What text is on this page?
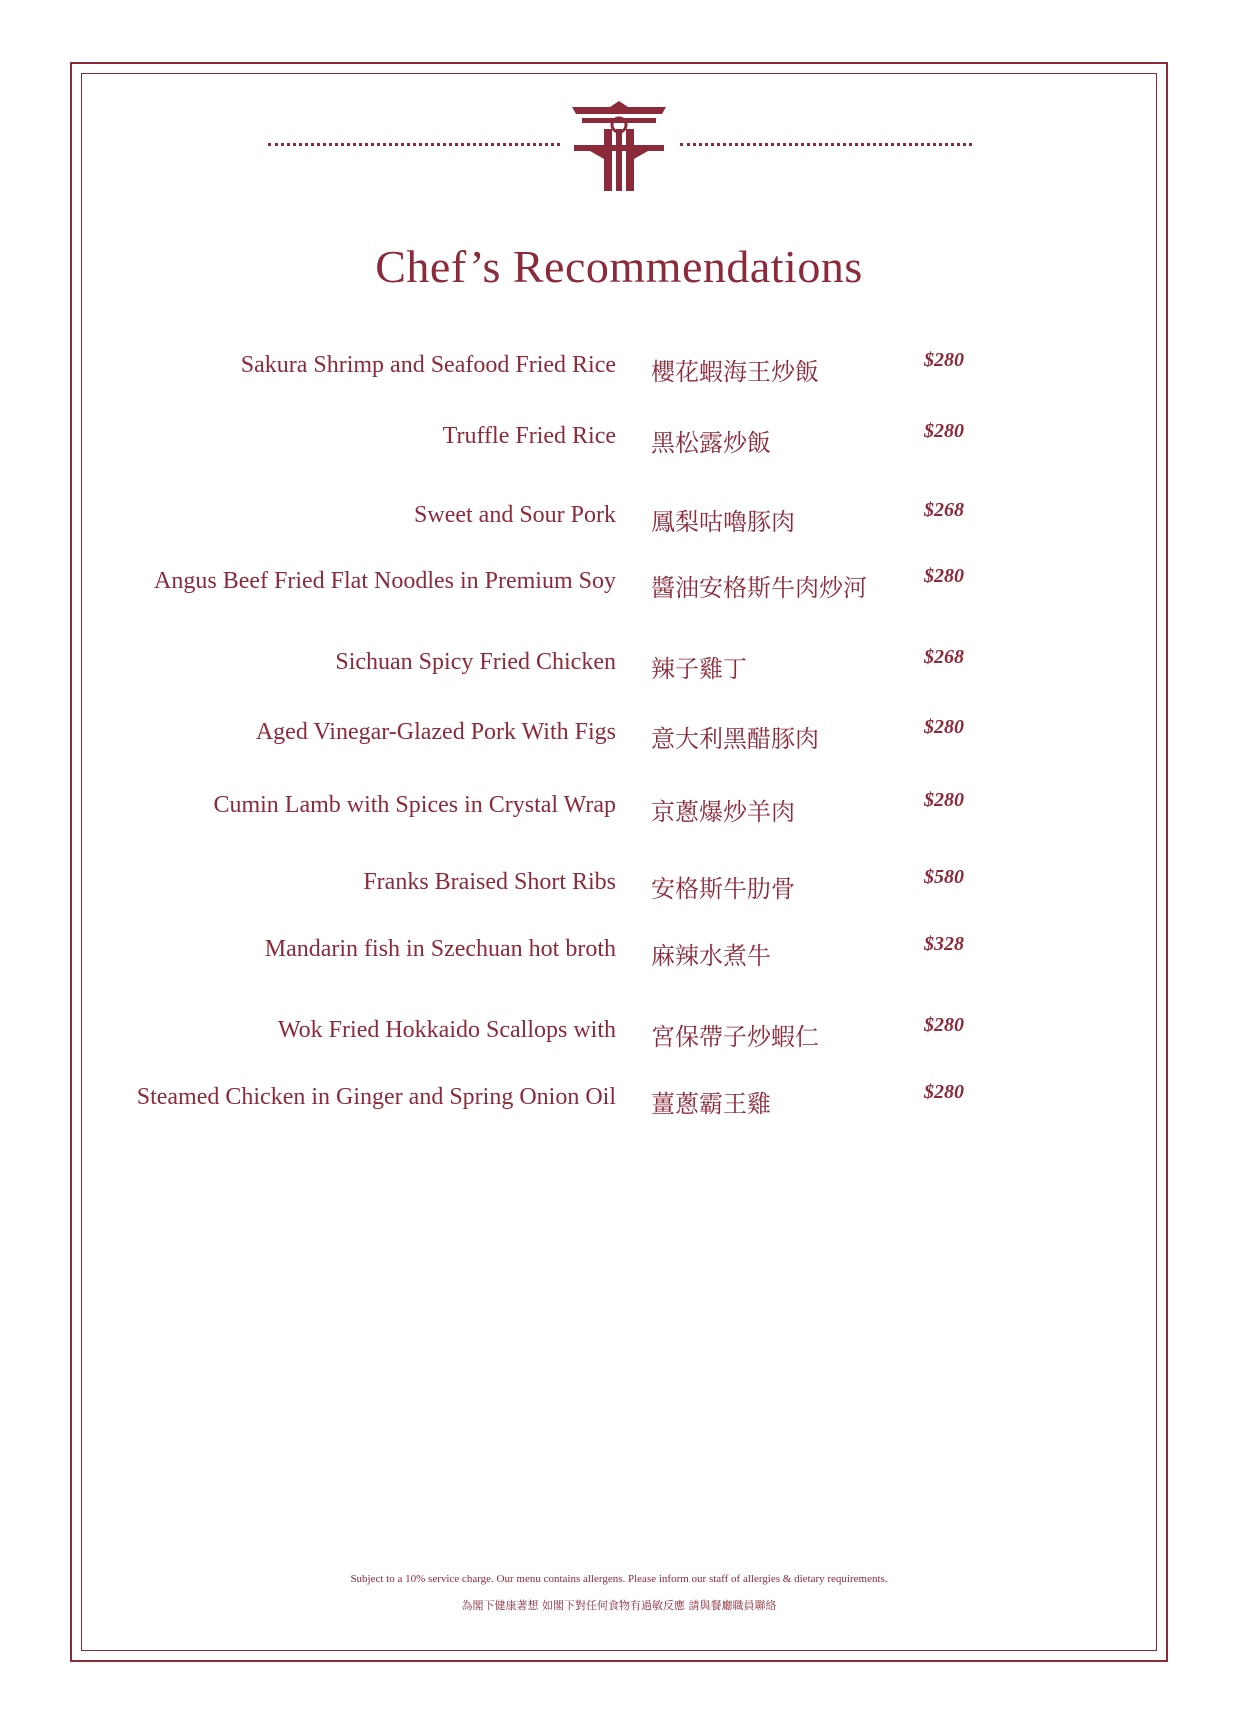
Chef’s Recommendations
Sakura Shrimp and Seafood Fried Rice 櫻花蝦海王炒飯	$280
Truffle Fried Rice 黑松露炒飯	$280
Sweet and Sour Pork 鳳梨咕嚕豚肉	$268
Angus Beef Fried Flat Noodles in Premium Soy 醬油安格斯牛肉炒河	$280
Sichuan Spicy Fried Chicken 辣子雞丁	$268
Aged Vinegar-Glazed Pork With Figs 意大利黑醋豚肉	$280
Cumin Lamb with Spices in Crystal Wrap 京蔥爆炒羊肉	$280
Franks Braised Short Ribs 安格斯牛肋骨	$580
Mandarin fish in Szechuan hot broth 麻辣水煮牛	$328
Wok Fried Hokkaido Scallops with 宮保帶子炒蝦仁	$280
Steamed Chicken in Ginger and Spring Onion Oil 薑蔥霸王雞	$280
Subject to a 10% service charge. Our menu contains allergens. Please inform our staff of allergies & dietary requirements.
為閣下健康著想 如閣下對任何食物有過敏反應 請與餐廳職員聯絡
